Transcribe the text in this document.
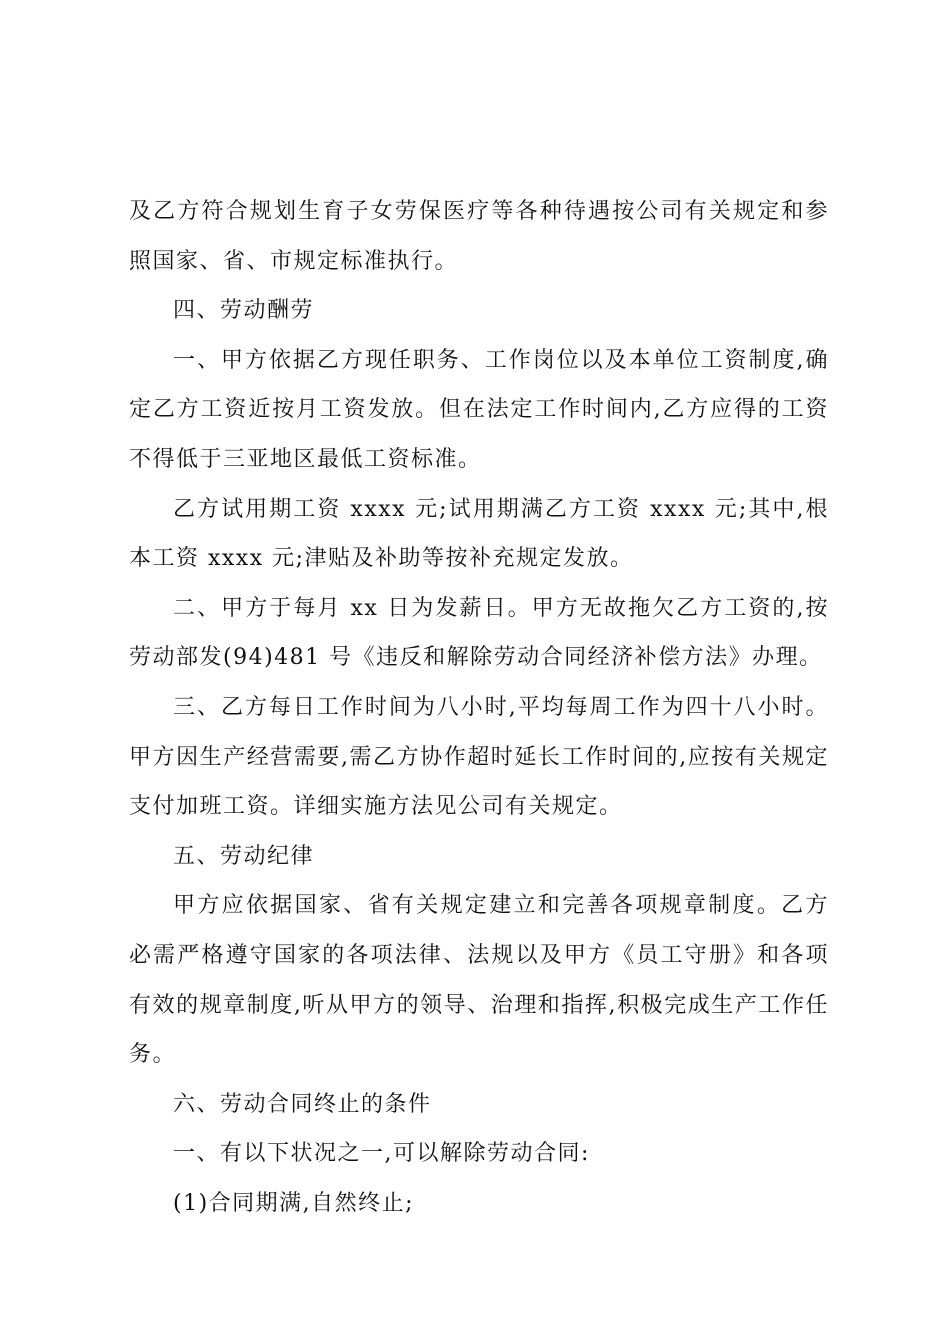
及乙方符合规划生育子女劳保医疗等各种待遇按公司有关规定和参照国家、省、市规定标准执行。

四、劳动酬劳

一、甲方依据乙方现任职务、工作岗位以及本单位工资制度,确定乙方工资近按月工资发放。但在法定工作时间内,乙方应得的工资不得低于三亚地区最低工资标准。

乙方试用期工资 xxxx 元;试用期满乙方工资 xxxx 元;其中,根本工资 xxxx 元;津贴及补助等按补充规定发放。

二、甲方于每月 xx 日为发薪日。甲方无故拖欠乙方工资的,按劳动部发(94)481 号《违反和解除劳动合同经济补偿方法》办理。

三、乙方每日工作时间为八小时,平均每周工作为四十八小时。甲方因生产经营需要,需乙方协作超时延长工作时间的,应按有关规定支付加班工资。详细实施方法见公司有关规定。

五、劳动纪律

甲方应依据国家、省有关规定建立和完善各项规章制度。乙方必需严格遵守国家的各项法律、法规以及甲方《员工守册》和各项有效的规章制度,听从甲方的领导、治理和指挥,积极完成生产工作任务。

六、劳动合同终止的条件

一、有以下状况之一,可以解除劳动合同:

(1)合同期满,自然终止;
